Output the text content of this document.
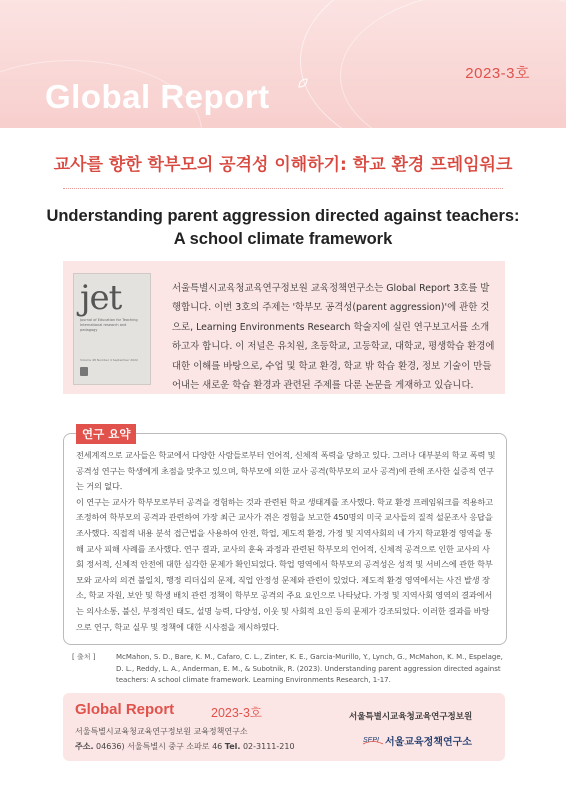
2023-3호
Global Report
교사를 향한 학부모의 공격성 이해하기: 학교 환경 프레임워크
Understanding parent aggression directed against teachers:
A school climate framework
jet
Journal of Education for Teaching International research and pedagogy
Volume 48 Number 4 September 2022
서울특별시교육청교육연구정보원 교육정책연구소는 Global Report 3호를 발행합니다. 이번 3호의 주제는 '학부모 공격성(parent aggression)'에 관한 것으로, Learning Environments Research 학술지에 실린 연구보고서를 소개하고자 합니다. 이 저널은 유치원, 초등학교, 고등학교, 대학교, 평생학습 환경에 대한 이해를 바탕으로, 수업 및 학교 환경, 학교 밖 학습 환경, 정보 기술이 만들어내는 새로운 학습 환경과 관련된 주제를 다룬 논문을 게재하고 있습니다.
연구 요약

전세계적으로 교사들은 학교에서 다양한 사람들로부터 언어적, 신체적 폭력을 당하고 있다. 그러나 대부분의 학교 폭력 및 공격성 연구는 학생에게 초점을 맞추고 있으며, 학부모에 의한 교사 공격(학부모의 교사 공격)에 관해 조사한 실증적 연구는 거의 없다.

이 연구는 교사가 학부모로부터 공격을 경험하는 것과 관련된 학교 생태계를 조사했다. 학교 환경 프레임워크를 적용하고 조정하여 학부모의 공격과 관련하여 가장 최근 교사가 겪은 경험을 보고한 450명의 미국 교사들의 질적 설문조사 응답을 조사했다. 직접적 내용 분석 접근법을 사용하여 안전, 학업, 제도적 환경, 가정 및 지역사회의 네 가지 학교환경 영역을 통해 교사 피해 사례를 조사했다. 연구 결과, 교사의 훈육 과정과 관련된 학부모의 언어적, 신체적 공격으로 인한 교사의 사회 정서적, 신체적 안전에 대한 심각한 문제가 확인되었다. 학업 영역에서 학부모의 공격성은 성적 및 서비스에 관한 학부모와 교사의 의견 불일치, 행정 리더십의 문제, 직업 안정성 문제와 관련이 있었다. 제도적 환경 영역에서는 사건 발생 장소, 학교 자원, 보안 및 학생 배치 관련 정책이 학부모 공격의 주요 요인으로 나타났다. 가정 및 지역사회 영역의 결과에서는 의사소통, 불신, 부정적인 태도, 설명 능력, 다양성, 이웃 및 사회적 요인 등의 문제가 강조되었다. 이러한 결과를 바탕으로 연구, 학교 실무 및 정책에 대한 시사점을 제시하였다.

[ 출처 ]	McMahon, S. D., Bare, K. M., Cafaro, C. L., Zinter, K. E., Garcia-Murillo, Y., Lynch, G., McMahon, K. M., Espelage, D. L., Reddy, L. A., Anderman, E. M., & Subotnik, R. (2023). Understanding parent aggression directed against teachers: A school climate framework. Learning Environments Research, 1-17.
Global Report	2023-3호
서울특별시교육청교육연구정보원 교육정책연구소
주소. 04636) 서울특별시 중구 소파로 46 Tel. 02-3111-210
서울특별시교육청교육연구정보원
SEPI 서울교육정책연구소
